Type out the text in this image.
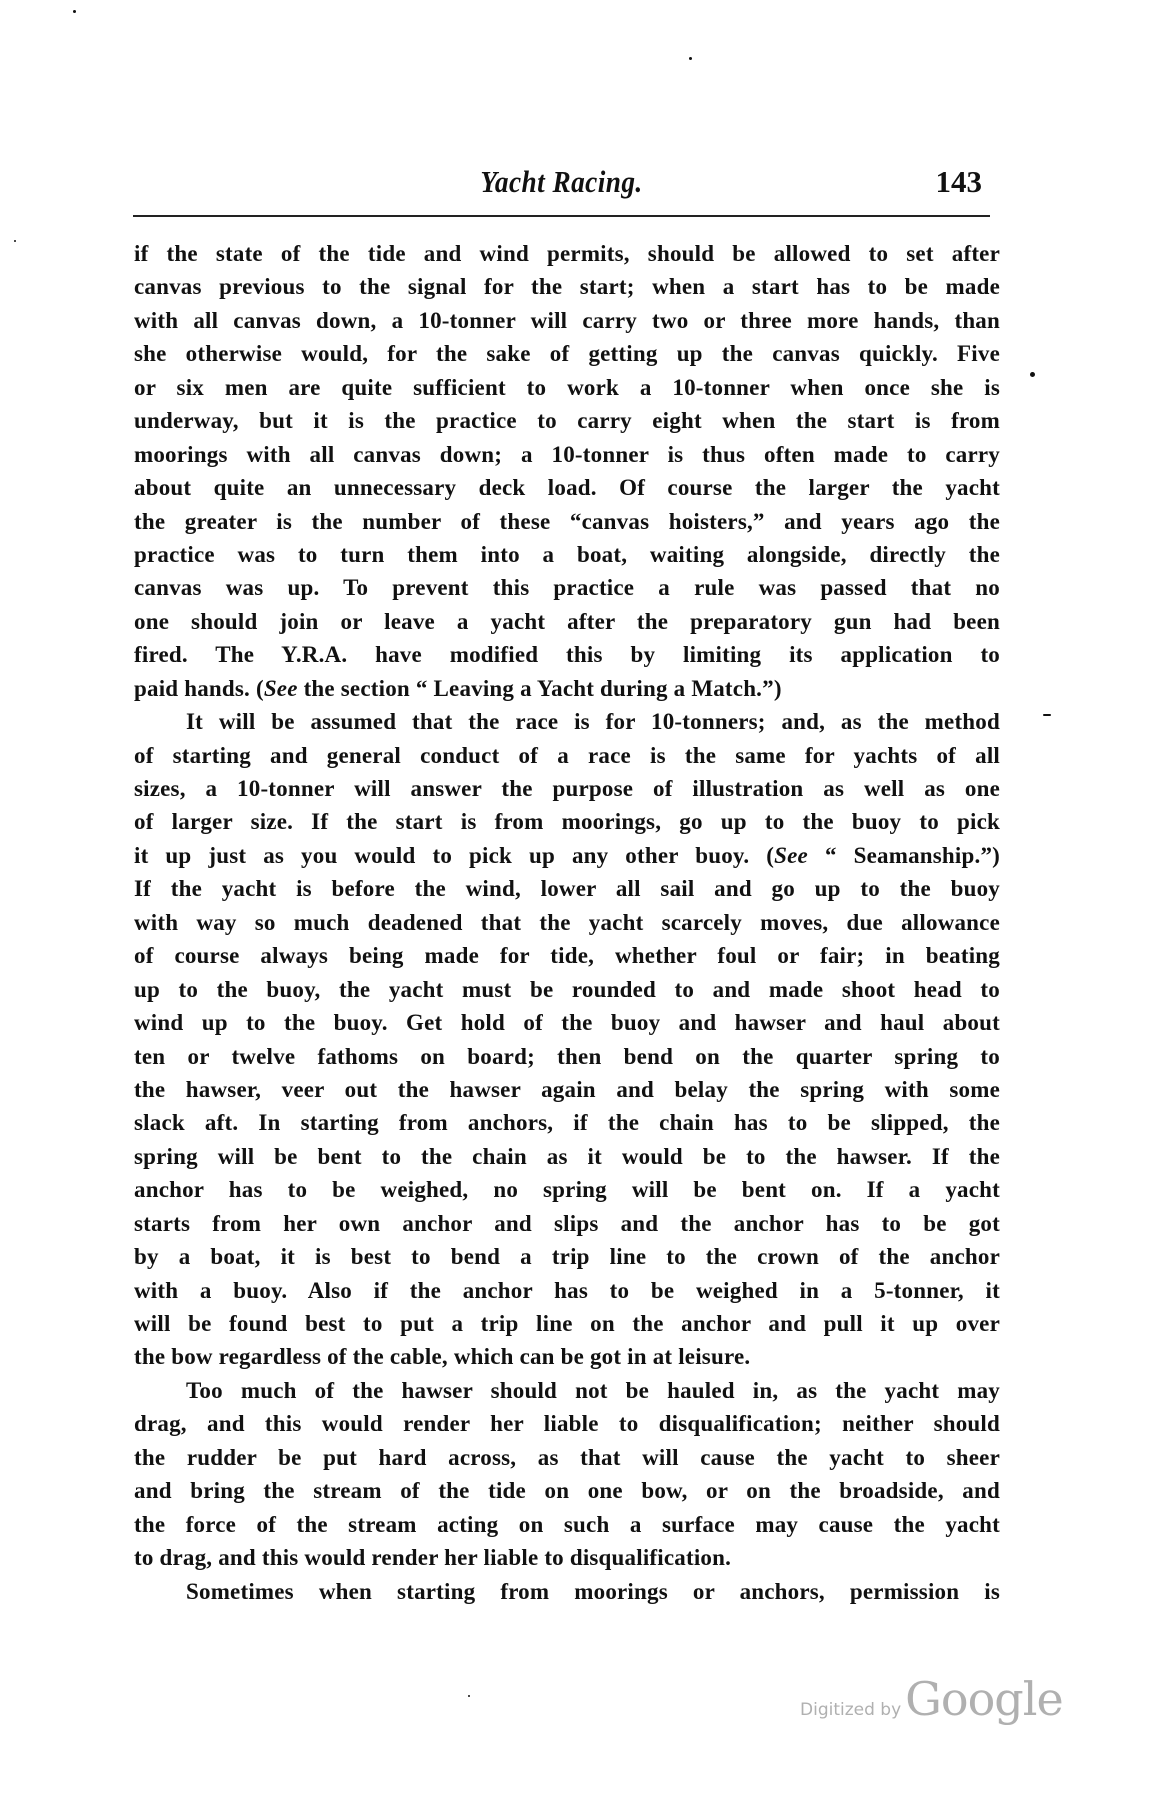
Yacht Racing.	143
if the state of the tide and wind permits, should be allowed to set after
canvas previous to the signal for the start; when a start has to be made
with all canvas down, a 10-tonner will carry two or three more hands, than
she otherwise would, for the sake of getting up the canvas quickly. Five
or six men are quite sufficient to work a 10-tonner when once she is
underway, but it is the practice to carry eight when the start is from
moorings with all canvas down; a 10-tonner is thus often made to carry
about quite an unnecessary deck load. Of course the larger the yacht
the greater is the number of these “canvas hoisters,” and years ago the
practice was to turn them into a boat, waiting alongside, directly the
canvas was up. To prevent this practice a rule was passed that no
one should join or leave a yacht after the preparatory gun had been
fired. The Y.R.A. have modified this by limiting its application to
paid hands. (See the section “ Leaving a Yacht during a Match.”)
It will be assumed that the race is for 10-tonners; and, as the method
of starting and general conduct of a race is the same for yachts of all
sizes, a 10-tonner will answer the purpose of illustration as well as one
of larger size. If the start is from moorings, go up to the buoy to pick
it up just as you would to pick up any other buoy. (See “ Seamanship.”)
If the yacht is before the wind, lower all sail and go up to the buoy
with way so much deadened that the yacht scarcely moves, due allowance
of course always being made for tide, whether foul or fair; in beating
up to the buoy, the yacht must be rounded to and made shoot head to
wind up to the buoy. Get hold of the buoy and hawser and haul about
ten or twelve fathoms on board; then bend on the quarter spring to
the hawser, veer out the hawser again and belay the spring with some
slack aft. In starting from anchors, if the chain has to be slipped, the
spring will be bent to the chain as it would be to the hawser. If the
anchor has to be weighed, no spring will be bent on. If a yacht
starts from her own anchor and slips and the anchor has to be got
by a boat, it is best to bend a trip line to the crown of the anchor
with a buoy. Also if the anchor has to be weighed in a 5-tonner, it
will be found best to put a trip line on the anchor and pull it up over
the bow regardless of the cable, which can be got in at leisure.
Too much of the hawser should not be hauled in, as the yacht may
drag, and this would render her liable to disqualification; neither should
the rudder be put hard across, as that will cause the yacht to sheer
and bring the stream of the tide on one bow, or on the broadside, and
the force of the stream acting on such a surface may cause the yacht
to drag, and this would render her liable to disqualification.
Sometimes when starting from moorings or anchors, permission is
Digitized byGoogle
